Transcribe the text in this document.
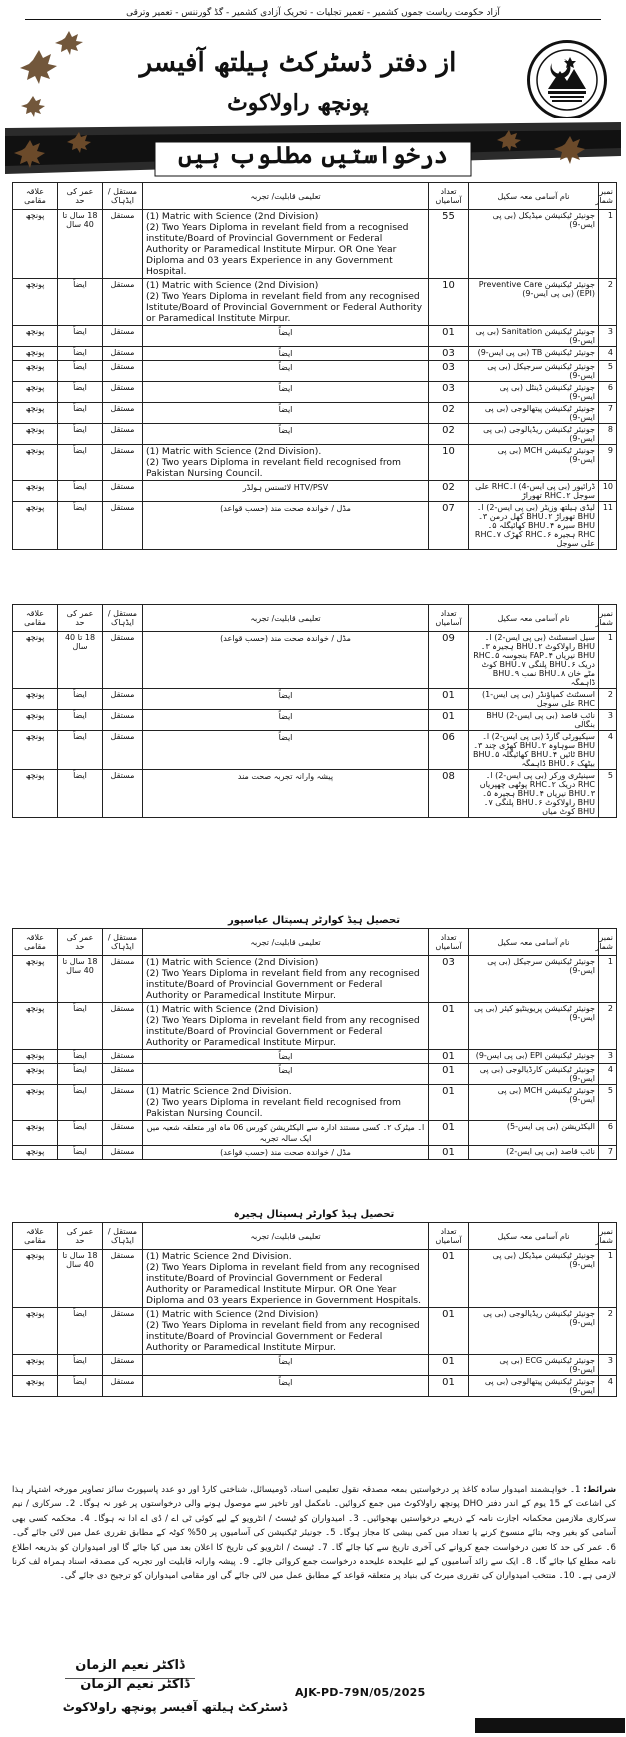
آزاد حکومت ریاست جموں کشمیر - تعمیر تجلیات - تحریک آزادی کشمیر - گڈ گورننس - تعمیر وترقی
از دفتر ڈسٹرکٹ ہیلتھ آفیسر
پونچھ راولاکوٹ
درخواستیں مطلوب ہیں
نمبر شمار	نام آسامی معہ سکیل	تعداد آسامیاں	تعلیمی قابلیت/ تجربہ	مستقل / ایڈہاک	عمر کی حد	علاقہ مقامی
1	جونیئر ٹیکنیشن میڈیکل (بی پی ایس-9)	55	(1) Matric with Science (2nd Division)
(2) Two Years Diploma in revelant field from a recognised institute/Board of Provincial Government or Federal Authority or Paramedical Institute Mirpur. OR One Year Diploma and 03 years Experience in any Government Hospital.	مستقل	18 سال تا 40 سال	پونچھ
2	جونیئر ٹیکنیشن Preventive Care (EPI) (بی پی ایس-9)	10	(1) Matric with Science (2nd Division)
(2) Two Years Diploma in revelant field from any recognised Istitute/Board of Provincial Government or Federal Authority or Paramedical Institute Mirpur.	مستقل	ایضاً	پونچھ
3	جونیئر ٹیکنیشن Sanitation (بی پی ایس-9)	01	ایضاً	مستقل	ایضاً	پونچھ
4	جونیئر ٹیکنیشن TB (بی پی ایس-9)	03	ایضاً	مستقل	ایضاً	پونچھ
5	جونیئر ٹیکنیشن سرجیکل (بی پی ایس-9)	03	ایضاً	مستقل	ایضاً	پونچھ
6	جونیئر ٹیکنیشن ڈینٹل (بی پی ایس-9)	03	ایضاً	مستقل	ایضاً	پونچھ
7	جونیئر ٹیکنیشن پیتھالوجی (بی پی ایس-9)	02	ایضاً	مستقل	ایضاً	پونچھ
8	جونیئر ٹیکنیشن ریڈیالوجی (بی پی ایس-9)	02	ایضاً	مستقل	ایضاً	پونچھ
9	جونیئر ٹیکنیشن MCH (بی پی ایس-9)	10	(1) Matric with Science (2nd Division).
(2) Two years Diploma in revelant field recognised from Pakistan Nursing Council.	مستقل	ایضاً	پونچھ
10	ڈرائیور (بی پی ایس-4) ا۔RHC علی سوجل ۲۔RHC تھوراڑ	02	HTV/PSV لائسنس ہولڈر	مستقل	ایضاً	پونچھ
11	لیڈی ہیلتھ وزیٹر (بی پی ایس-2) ا۔BHU تھوراڑ ۲۔BHU کھل درمن ۳۔BHU سیرہ ۴۔BHU کھائیگلہ ۵۔RHC ہجیرہ ۶۔RHC کھڑک ۷۔RHC علی سوجل	07	مڈل / خواندہ صحت مند (حسب قواعد)	مستقل	ایضاً	پونچھ
نمبر شمار	نام آسامی معہ سکیل	تعداد آسامیاں	تعلیمی قابلیت/ تجربہ	مستقل / ایڈہاک	عمر کی حد	علاقہ مقامی
1	سیل اسسٹنٹ (بی پی ایس-2) ا۔BHU راولاکوٹ ۲۔BHU ہجیرہ ۳۔BHU نیریاں ۴۔FAP بنجوسہ ۵۔RHC دریک ۶۔BHU پلنگی ۷۔BHU کوٹ مٹے خان ۸۔BHU نمب ۹۔BHU ڈاہمگہ	09	مڈل / خواندہ صحت مند (حسب قواعد)	مستقل	18 تا 40 سال	پونچھ
2	اسسٹنٹ کمپاؤنڈر (بی پی ایس-1) RHC علی سوجل	01	ایضاً	مستقل	ایضاً	پونچھ
3	نائب قاصد (بی پی ایس-2) BHU بنگالی	01	ایضاً	مستقل	ایضاً	پونچھ
4	سیکیورٹی گارڈ (بی پی ایس-2) ا۔BHU سوہاوہ ۲۔BHU کھڑی چند ۳۔BHU ٹائیں ۴۔BHU کھائیگلہ ۵۔BHU بیٹھک ۶۔BHU ڈاہمگہ	06	ایضاً	مستقل	ایضاً	پونچھ
5	سینیٹری ورکر (بی پی ایس-2) ا۔RHC دریک ۲۔RHC پوٹھی چھپریاں ۳۔BHU نیریاں ۴۔BHU ہجیرہ ۵۔BHU راولاکوٹ ۶۔BHU پلنگی ۷۔BHU کوٹ میاں	08	پیشہ وارانہ تجربہ صحت مند	مستقل	ایضاً	پونچھ
تحصیل ہیڈ کوارٹر ہسپتال عباسپور
نمبر شمار	نام آسامی معہ سکیل	تعداد آسامیاں	تعلیمی قابلیت/ تجربہ	مستقل / ایڈہاک	عمر کی حد	علاقہ مقامی
1	جونیئر ٹیکنیشن سرجیکل (بی پی ایس-9)	03	(1) Matric with Science (2nd Division)
(2) Two Years Diploma in revelant field from any recognised institute/Board of Provincial Government or Federal Authority or Paramedical Institute Mirpur.	مستقل	18 سال تا 40 سال	پونچھ
2	جونیئر ٹیکنیشن پریوینٹیو کیئر (بی پی ایس-9)	01	(1) Matric with Science (2nd Division)
(2) Two Years Diploma in revelant field from any recognised institute/Board of Provincial Government or Federal Authority or Paramedical Institute Mirpur.	مستقل	ایضاً	پونچھ
3	جونیئر ٹیکنیشن EPI (بی پی ایس-9)	01	ایضاً	مستقل	ایضاً	پونچھ
4	جونیئر ٹیکنیشن کارڈیالوجی (بی پی ایس-9)	01	ایضاً	مستقل	ایضاً	پونچھ
5	جونیئر ٹیکنیشن MCH (بی پی ایس-9)	01	(1) Matric Science 2nd Division.
(2) Two years Diploma in revelant field recognised from Pakistan Nursing Council.	مستقل	ایضاً	پونچھ
6	الیکٹریشن (بی پی ایس-5)	01	ا۔ میٹرک ۲۔ کسی مستند ادارہ سے الیکٹریشن کورس 06 ماہ اور متعلقہ شعبہ میں ایک سالہ تجربہ	مستقل	ایضاً	پونچھ
7	نائب قاصد (بی پی ایس-2)	01	مڈل / خواندہ صحت مند (حسب قواعد)	مستقل	ایضاً	پونچھ
تحصیل ہیڈ کوارٹر ہسپتال ہجیرہ
نمبر شمار	نام آسامی معہ سکیل	تعداد آسامیاں	تعلیمی قابلیت/ تجربہ	مستقل / ایڈہاک	عمر کی حد	علاقہ مقامی
1	جونیئر ٹیکنیشن میڈیکل (بی پی ایس-9)	01	(1) Matric Science 2nd Division.
(2) Two Years Diploma in revelant field from any recognised institute/Board of Provincial Government or Federal Authority or Paramedical Institute Mirpur. OR One Year Diploma and 03 years Experience in Government Hospitals.	مستقل	18 سال تا 40 سال	پونچھ
2	جونیئر ٹیکنیشن ریڈیالوجی (بی پی ایس-9)	01	(1) Matric with Science (2nd Division)
(2) Two Years Diploma in revelant field from any recognised institute/Board of Provincial Government or Federal Authority or Paramedical Institute Mirpur.	مستقل	ایضاً	پونچھ
3	جونیئر ٹیکنیشن ECG (بی پی ایس-9)	01	ایضاً	مستقل	ایضاً	پونچھ
4	جونیئر ٹیکنیشن پیتھالوجی (بی پی ایس-9)	01	ایضاً	مستقل	ایضاً	پونچھ
شرائط: 1۔ خواہشمند امیدوار سادہ کاغذ پر درخواستیں بمعہ مصدقہ نقول تعلیمی اسناد، ڈومیسائل، شناختی کارڈ اور دو عدد پاسپورٹ سائز تصاویر مورخہ اشتہار ہذا کی اشاعت کے 15 یوم کے اندر دفتر DHO پونچھ راولاکوٹ میں جمع کروائیں۔ نامکمل اور تاخیر سے موصول ہونے والی درخواستوں پر غور نہ ہوگا۔ 2۔ سرکاری / نیم سرکاری ملازمین محکمانہ اجازت نامہ کے ذریعے درخواستیں بھجوائیں۔ 3۔ امیدواران کو ٹیسٹ / انٹرویو کے لیے کوئی ٹی اے / ڈی اے ادا نہ ہوگا۔ 4۔ محکمہ کسی بھی آسامی کو بغیر وجہ بتائے منسوخ کرنے یا تعداد میں کمی بیشی کا مجاز ہوگا۔ 5۔ جونیئر ٹیکنیشن کی آسامیوں پر 50% کوٹہ کے مطابق تقرری عمل میں لائی جائے گی۔ 6۔ عمر کی حد کا تعین درخواست جمع کروانے کی آخری تاریخ سے کیا جائے گا۔ 7۔ ٹیسٹ / انٹرویو کی تاریخ کا اعلان بعد میں کیا جائے گا اور امیدواران کو بذریعہ اطلاع نامہ مطلع کیا جائے گا۔ 8۔ ایک سے زائد آسامیوں کے لیے علیحدہ علیحدہ درخواست جمع کروائی جائے۔ 9۔ پیشہ وارانہ قابلیت اور تجربہ کی مصدقہ اسناد ہمراہ لف کرنا لازمی ہے۔ 10۔ منتخب امیدواران کی تقرری میرٹ کی بنیاد پر متعلقہ قواعد کے مطابق عمل میں لائی جائے گی اور مقامی امیدواران کو ترجیح دی جائے گی۔
ڈاکٹر نعیم الزمان
ڈاکٹر نعیم الزمان
ڈسٹرکٹ ہیلتھ آفیسر پونچھ راولاکوٹ
AJK-PD-79N/05/2025
